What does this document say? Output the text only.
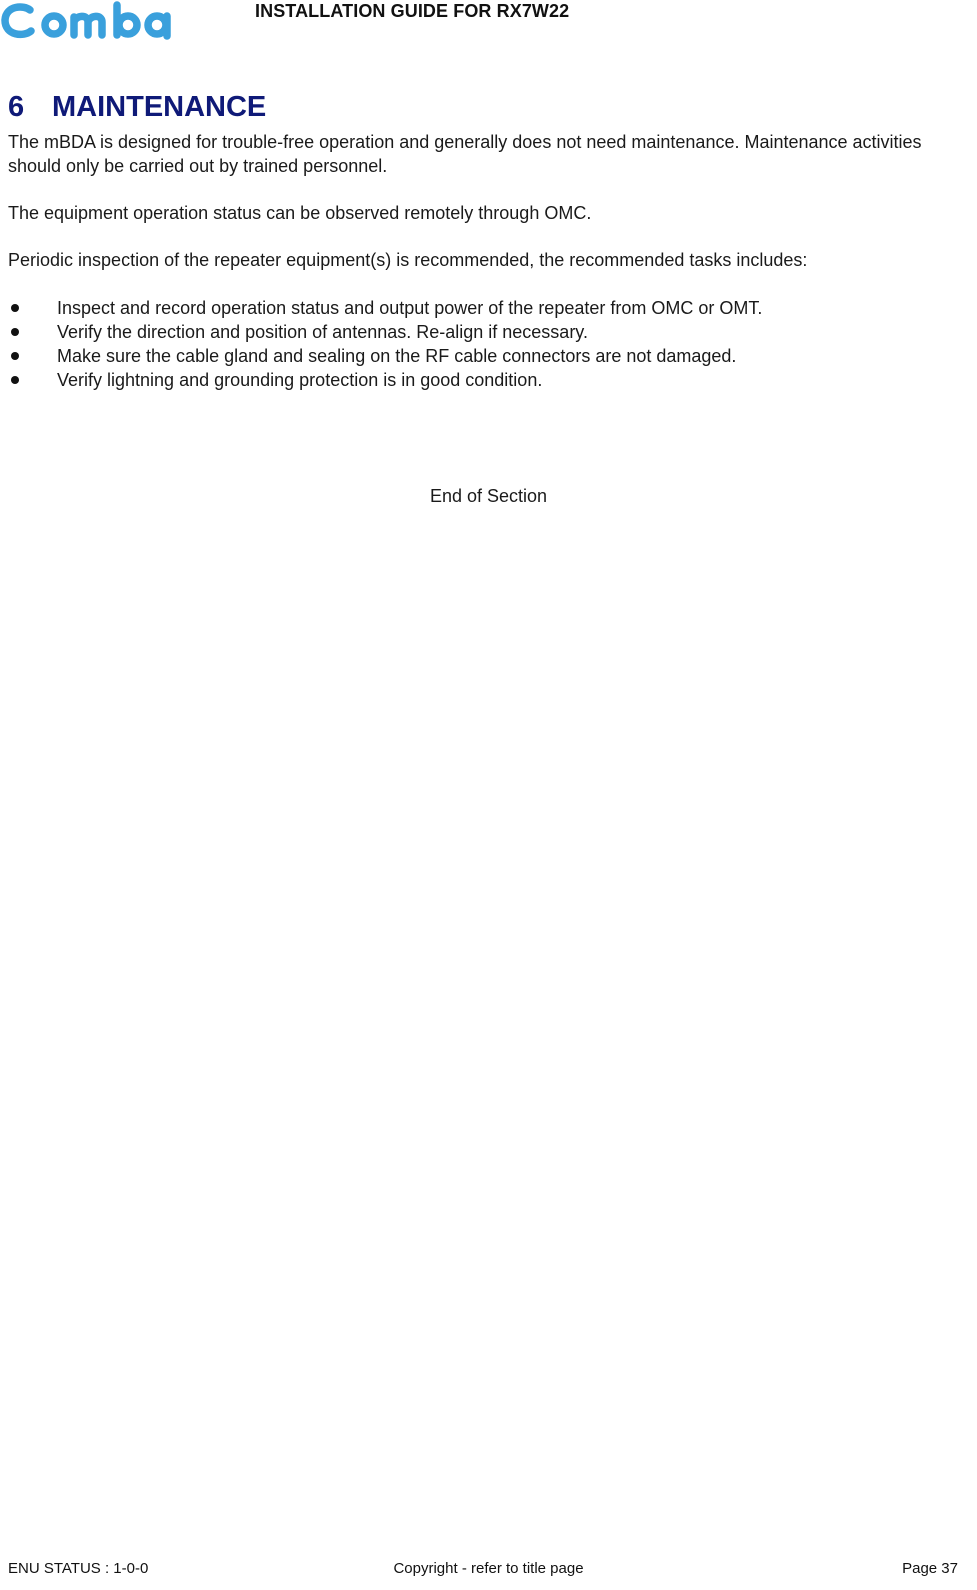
INSTALLATION GUIDE FOR RX7W22
6 MAINTENANCE

The mBDA is designed for trouble-free operation and generally does not need maintenance. Maintenance activities should only be carried out by trained personnel.

The equipment operation status can be observed remotely through OMC.

Periodic inspection of the repeater equipment(s) is recommended, the recommended tasks includes:

Inspect and record operation status and output power of the repeater from OMC or OMT.
Verify the direction and position of antennas. Re-align if necessary.
Make sure the cable gland and sealing on the RF cable connectors are not damaged.
Verify lightning and grounding protection is in good condition.

End of Section

ENU STATUS : 1-0-0	Copyright - refer to title page	Page 37
